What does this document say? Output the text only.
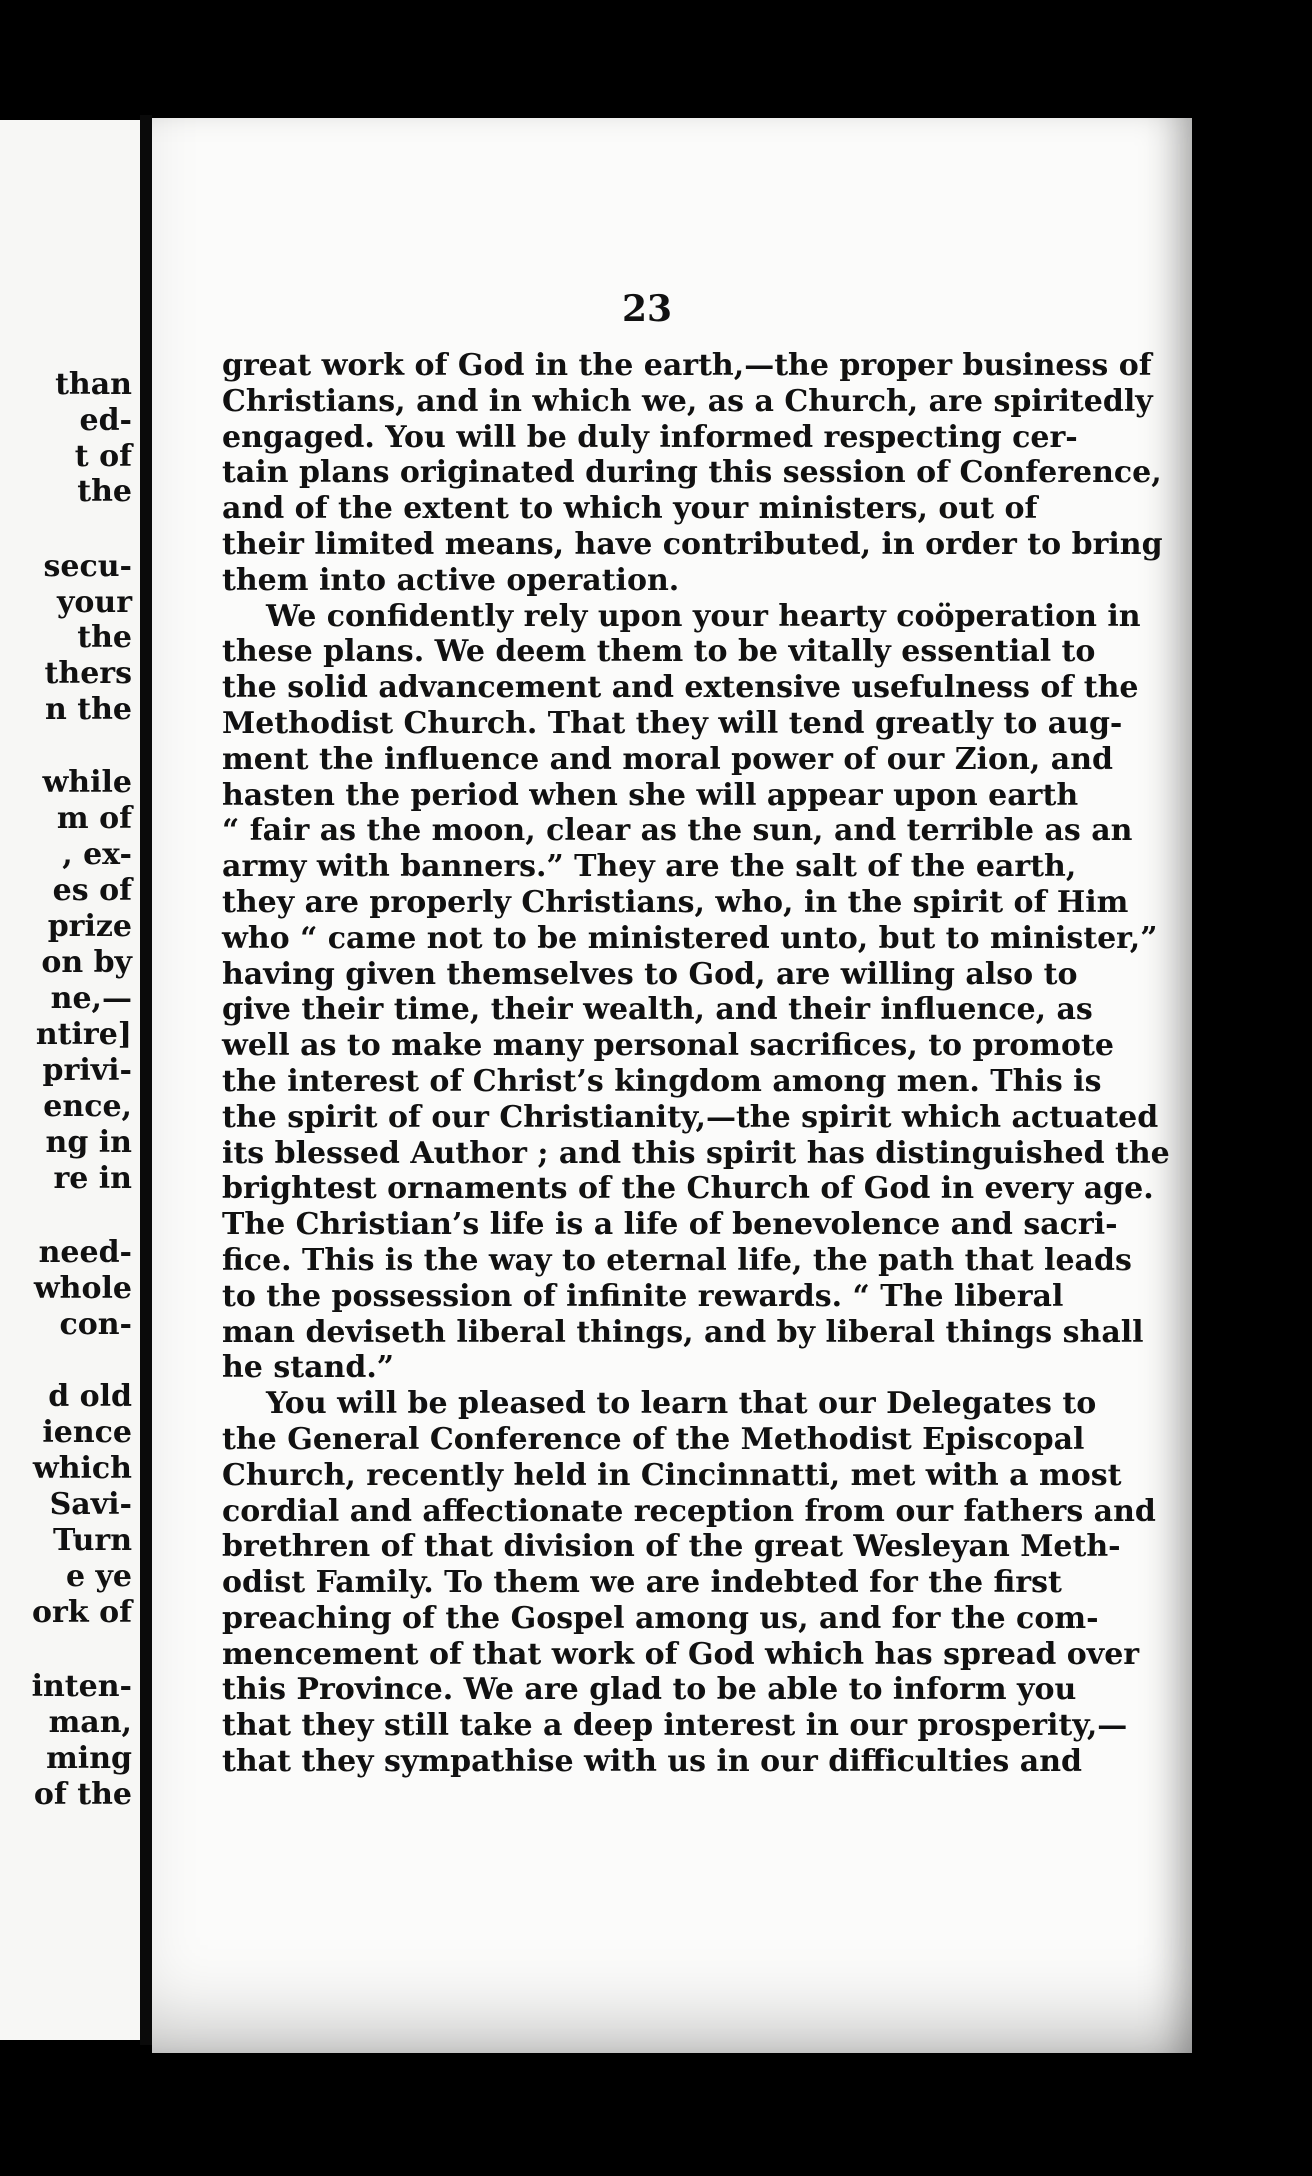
than
ed-
t of
the
secu-
your
the
thers
n the
while
m of
, ex-
es of
prize
on by
ne,—
ntire]
privi-
ence,
ng in
re in
need-
whole
con-
d old
ience
which
Savi-
Turn
e ye
ork of
inten-
man,
ming
of the
23
great work of God in the earth,—the proper business of
Christians, and in which we, as a Church, are spiritedly
engaged. You will be duly informed respecting cer-
tain plans originated during this session of Conference,
and of the extent to which your ministers, out of
their limited means, have contributed, in order to bring
them into active operation.
We confidently rely upon your hearty coöperation in
these plans. We deem them to be vitally essential to
the solid advancement and extensive usefulness of the
Methodist Church. That they will tend greatly to aug-
ment the influence and moral power of our Zion, and
hasten the period when she will appear upon earth
“ fair as the moon, clear as the sun, and terrible as an
army with banners.” They are the salt of the earth,
they are properly Christians, who, in the spirit of Him
who “ came not to be ministered unto, but to minister,”
having given themselves to God, are willing also to
give their time, their wealth, and their influence, as
well as to make many personal sacrifices, to promote
the interest of Christ’s kingdom among men. This is
the spirit of our Christianity,—the spirit which actuated
its blessed Author ; and this spirit has distinguished the
brightest ornaments of the Church of God in every age.
The Christian’s life is a life of benevolence and sacri-
fice. This is the way to eternal life, the path that leads
to the possession of infinite rewards. “ The liberal
man deviseth liberal things, and by liberal things shall
he stand.”
You will be pleased to learn that our Delegates to
the General Conference of the Methodist Episcopal
Church, recently held in Cincinnatti, met with a most
cordial and affectionate reception from our fathers and
brethren of that division of the great Wesleyan Meth-
odist Family. To them we are indebted for the first
preaching of the Gospel among us, and for the com-
mencement of that work of God which has spread over
this Province. We are glad to be able to inform you
that they still take a deep interest in our prosperity,—
that they sympathise with us in our difficulties and
